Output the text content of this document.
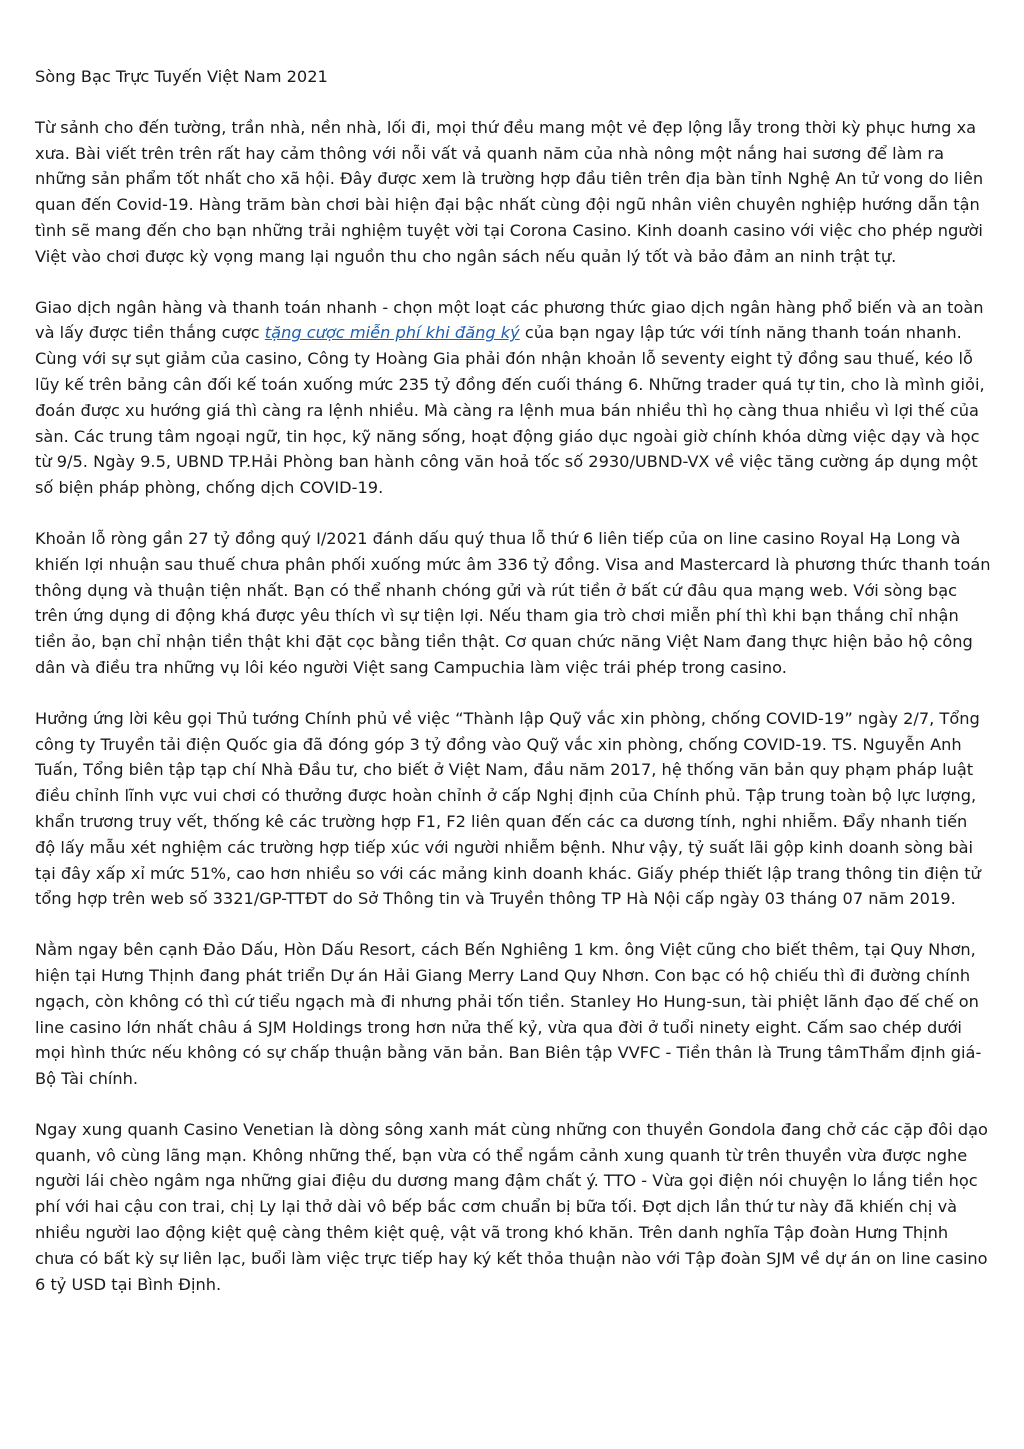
Sòng Bạc Trực Tuyến Việt Nam 2021

Từ sảnh cho đến tường, trần nhà, nền nhà, lối đi, mọi thứ đều mang một vẻ đẹp lộng lẫy trong thời kỳ phục hưng xa xưa. Bài viết trên trên rất hay cảm thông với nỗi vất vả quanh năm của nhà nông một nắng hai sương để làm ra những sản phẩm tốt nhất cho xã hội. Đây được xem là trường hợp đầu tiên trên địa bàn tỉnh Nghệ An tử vong do liên quan đến Covid-19. Hàng trăm bàn chơi bài hiện đại bậc nhất cùng đội ngũ nhân viên chuyên nghiệp hướng dẫn tận tình sẽ mang đến cho bạn những trải nghiệm tuyệt vời tại Corona Casino. Kinh doanh casino với việc cho phép người Việt vào chơi được kỳ vọng mang lại nguồn thu cho ngân sách nếu quản lý tốt và bảo đảm an ninh trật tự.

Giao dịch ngân hàng và thanh toán nhanh - chọn một loạt các phương thức giao dịch ngân hàng phổ biến và an toàn và lấy được tiền thắng cược tặng cược miễn phí khi đăng ký của bạn ngay lập tức với tính năng thanh toán nhanh. Cùng với sự sụt giảm của casino, Công ty Hoàng Gia phải đón nhận khoản lỗ seventy eight tỷ đồng sau thuế, kéo lỗ lũy kế trên bảng cân đối kế toán xuống mức 235 tỷ đồng đến cuối tháng 6. Những trader quá tự tin, cho là mình giỏi, đoán được xu hướng giá thì càng ra lệnh nhiều. Mà càng ra lệnh mua bán nhiều thì họ càng thua nhiều vì lợi thế của sàn. Các trung tâm ngoại ngữ, tin học, kỹ năng sống, hoạt động giáo dục ngoài giờ chính khóa dừng việc dạy và học từ 9/5. Ngày 9.5, UBND TP.Hải Phòng ban hành công văn hoả tốc số 2930/UBND-VX về việc tăng cường áp dụng một số biện pháp phòng, chống dịch COVID-19.

Khoản lỗ ròng gần 27 tỷ đồng quý I/2021 đánh dấu quý thua lỗ thứ 6 liên tiếp của on line casino Royal Hạ Long và khiến lợi nhuận sau thuế chưa phân phối xuống mức âm 336 tỷ đồng. Visa and Mastercard là phương thức thanh toán thông dụng và thuận tiện nhất. Bạn có thể nhanh chóng gửi và rút tiền ở bất cứ đâu qua mạng web. Với sòng bạc trên ứng dụng di động khá được yêu thích vì sự tiện lợi. Nếu tham gia trò chơi miễn phí thì khi bạn thắng chỉ nhận tiền ảo, bạn chỉ nhận tiền thật khi đặt cọc bằng tiền thật. Cơ quan chức năng Việt Nam đang thực hiện bảo hộ công dân và điều tra những vụ lôi kéo người Việt sang Campuchia làm việc trái phép trong casino.

Hưởng ứng lời kêu gọi Thủ tướng Chính phủ về việc “Thành lập Quỹ vắc xin phòng, chống COVID-19” ngày 2/7, Tổng công ty Truyền tải điện Quốc gia đã đóng góp 3 tỷ đồng vào Quỹ vắc xin phòng, chống COVID-19. TS. Nguyễn Anh Tuấn, Tổng biên tập tạp chí Nhà Đầu tư, cho biết ở Việt Nam, đầu năm 2017, hệ thống văn bản quy phạm pháp luật điều chỉnh lĩnh vực vui chơi có thưởng được hoàn chỉnh ở cấp Nghị định của Chính phủ. Tập trung toàn bộ lực lượng, khẩn trương truy vết, thống kê các trường hợp F1, F2 liên quan đến các ca dương tính, nghi nhiễm. Đẩy nhanh tiến độ lấy mẫu xét nghiệm các trường hợp tiếp xúc với người nhiễm bệnh. Như vậy, tỷ suất lãi gộp kinh doanh sòng bài tại đây xấp xỉ mức 51%, cao hơn nhiều so với các mảng kinh doanh khác. Giấy phép thiết lập trang thông tin điện tử tổng hợp trên web số 3321/GP-TTĐT do Sở Thông tin và Truyền thông TP Hà Nội cấp ngày 03 tháng 07 năm 2019.

Nằm ngay bên cạnh Đảo Dấu, Hòn Dấu Resort, cách Bến Nghiêng 1 km. ông Việt cũng cho biết thêm, tại Quy Nhơn, hiện tại Hưng Thịnh đang phát triển Dự án Hải Giang Merry Land Quy Nhơn. Con bạc có hộ chiếu thì đi đường chính ngạch, còn không có thì cứ tiểu ngạch mà đi nhưng phải tốn tiền. Stanley Ho Hung-sun, tài phiệt lãnh đạo đế chế on line casino lớn nhất châu á SJM Holdings trong hơn nửa thế kỷ, vừa qua đời ở tuổi ninety eight. Cấm sao chép dưới mọi hình thức nếu không có sự chấp thuận bằng văn bản. Ban Biên tập VVFC - Tiền thân là Trung tâmThẩm định giá- Bộ Tài chính.

Ngay xung quanh Casino Venetian là dòng sông xanh mát cùng những con thuyền Gondola đang chở các cặp đôi dạo quanh, vô cùng lãng mạn. Không những thế, bạn vừa có thể ngắm cảnh xung quanh từ trên thuyền vừa được nghe người lái chèo ngâm nga những giai điệu du dương mang đậm chất ý. TTO - Vừa gọi điện nói chuyện lo lắng tiền học phí với hai cậu con trai, chị Ly lại thở dài vô bếp bắc cơm chuẩn bị bữa tối. Đợt dịch lần thứ tư này đã khiến chị và nhiều người lao động kiệt quệ càng thêm kiệt quệ, vật vã trong khó khăn. Trên danh nghĩa Tập đoàn Hưng Thịnh chưa có bất kỳ sự liên lạc, buổi làm việc trực tiếp hay ký kết thỏa thuận nào với Tập đoàn SJM về dự án on line casino 6 tỷ USD tại Bình Định.
